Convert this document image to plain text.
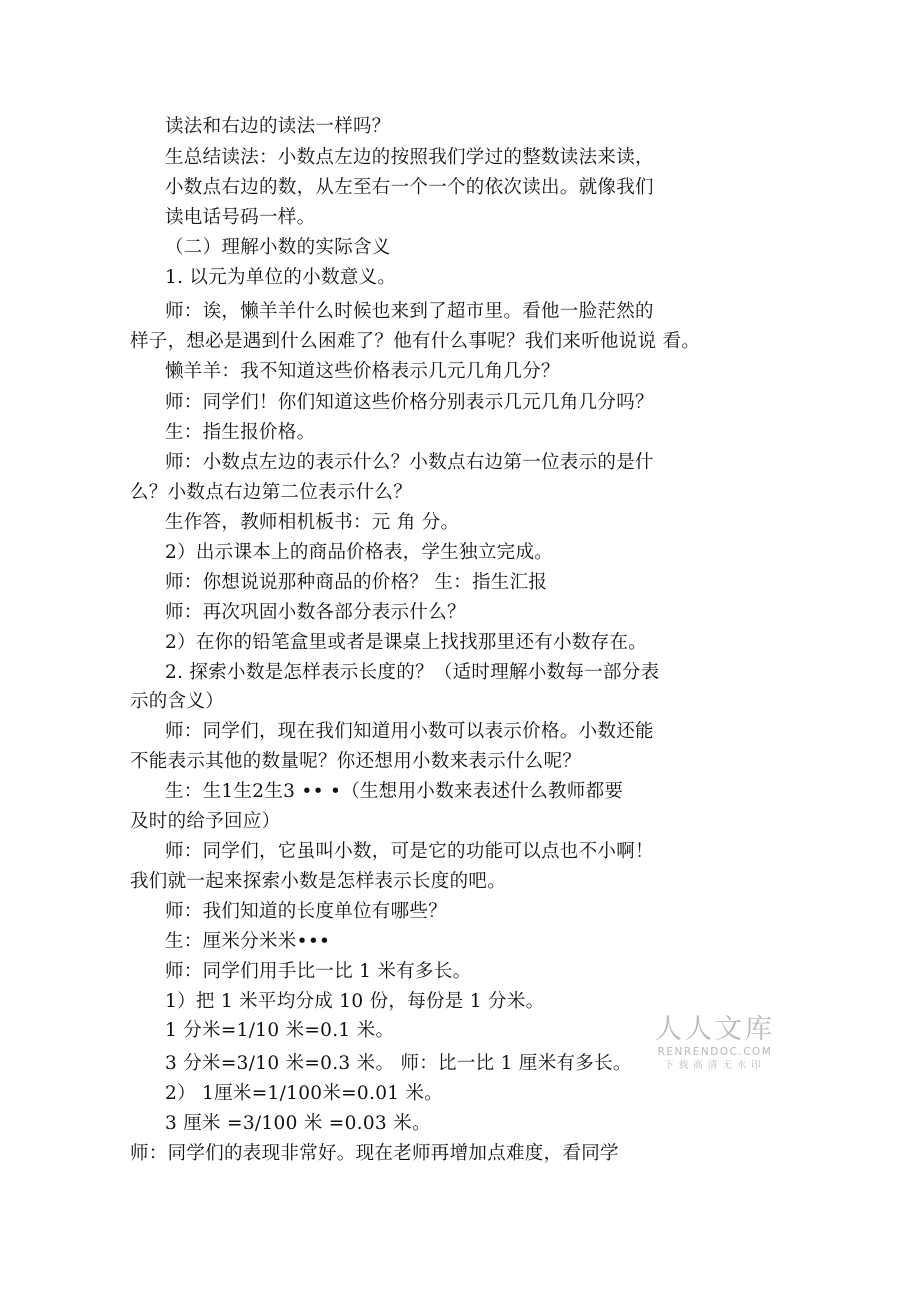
读法和右边的读法一样吗？
生总结读法：小数点左边的按照我们学过的整数读法来读，
小数点右边的数，从左至右一个一个的依次读出。就像我们
读电话号码一样。
（二）理解小数的实际含义
1. 以元为单位的小数意义。
师：诶，懒羊羊什么时候也来到了超市里。看他一脸茫然的
样子，想必是遇到什么困难了？他有什么事呢？我们来听他说说 看。
懒羊羊：我不知道这些价格表示几元几角几分？
师：同学们！你们知道这些价格分别表示几元几角几分吗？
生：指生报价格。
师：小数点左边的表示什么？小数点右边第一位表示的是什
么？小数点右边第二位表示什么？
生作答，教师相机板书：元 角 分。
2）出示课本上的商品价格表，学生独立完成。
师：你想说说那种商品的价格？ 生：指生汇报
师：再次巩固小数各部分表示什么？
2）在你的铅笔盒里或者是课桌上找找那里还有小数存在。
2. 探索小数是怎样表示长度的？（适时理解小数每一部分表
示的含义）
师：同学们，现在我们知道用小数可以表示价格。小数还能
不能表示其他的数量呢？你还想用小数来表示什么呢？
生：生1生2生3 •• •（生想用小数来表述什么教师都要
及时的给予回应）
师：同学们，它虽叫小数，可是它的功能可以点也不小啊！
我们就一起来探索小数是怎样表示长度的吧。
师：我们知道的长度单位有哪些？
生：厘米分米米•••
师：同学们用手比一比 1 米有多长。
1）把 1 米平均分成 10 份，每份是 1 分米。
1 分米=1/10 米=0.1 米。
3 分米=3/10 米=0.3 米。 师：比一比 1 厘米有多长。
2） 1厘米=1/100米=0.01 米。
3 厘米 =3/100 米 =0.03 米。
师：同学们的表现非常好。现在老师再增加点难度，看同学
人人文库
RENRENDOC.COM
下载高清无水印
